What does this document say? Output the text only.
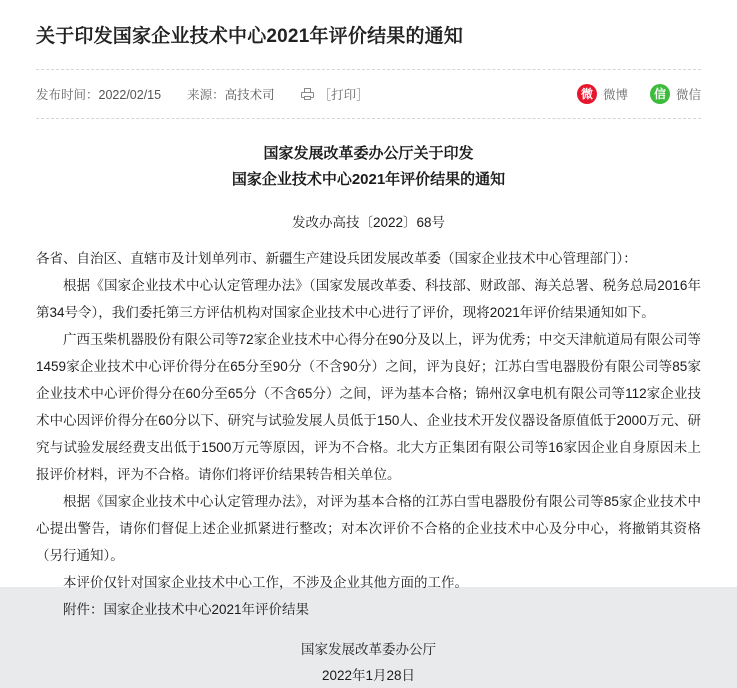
关于印发国家企业技术中心2021年评价结果的通知
发布时间：2022/02/15 来源：高技术司	［打印］	微 微博	信 微信
国家发展改革委办公厅关于印发
国家企业技术中心2021年评价结果的通知
发改办高技〔2022〕68号

各省、自治区、直辖市及计划单列市、新疆生产建设兵团发展改革委（国家企业技术中心管理部门）：

根据《国家企业技术中心认定管理办法》（国家发展改革委、科技部、财政部、海关总署、税务总局2016年第34号令），我们委托第三方评估机构对国家企业技术中心进行了评价，现将2021年评价结果通知如下。

广西玉柴机器股份有限公司等72家企业技术中心得分在90分及以上，评为优秀；中交天津航道局有限公司等1459家企业技术中心评价得分在65分至90分（不含90分）之间，评为良好；江苏白雪电器股份有限公司等85家企业技术中心评价得分在60分至65分（不含65分）之间，评为基本合格；锦州汉拿电机有限公司等112家企业技术中心因评价得分在60分以下、研究与试验发展人员低于150人、企业技术开发仪器设备原值低于2000万元、研究与试验发展经费支出低于1500万元等原因，评为不合格。北大方正集团有限公司等16家因企业自身原因未上报评价材料，评为不合格。请你们将评价结果转告相关单位。

根据《国家企业技术中心认定管理办法》，对评为基本合格的江苏白雪电器股份有限公司等85家企业技术中心提出警告，请你们督促上述企业抓紧进行整改；对本次评价不合格的企业技术中心及分中心，将撤销其资格（另行通知）。

本评价仅针对国家企业技术中心工作，不涉及企业其他方面的工作。

附件：国家企业技术中心2021年评价结果

国家发展改革委办公厅
2022年1月28日
